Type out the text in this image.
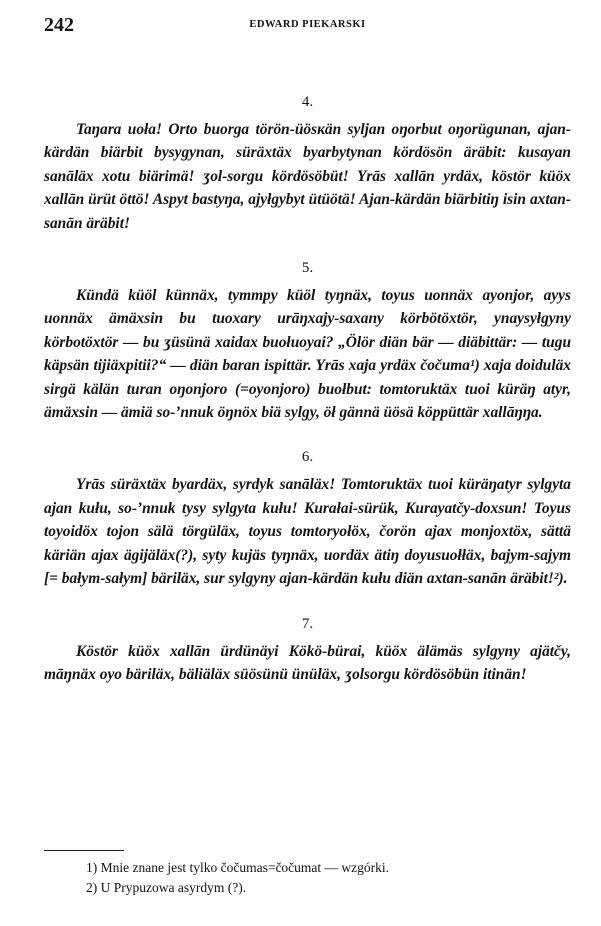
242	EDWARD PIEKARSKI
4.

Taŋara uoła! Orto buorga törön-üösкän syljan oŋorbut oŋorügunan, ajan-kärdän biärbit bysygynan, süräxtäx byarbytynan kördösön äräbit: kusayan sanāläx xotu biärimä! ʒol-sorgu kördösöbüt! Yrās xallān yrdäx, köstör küöx xallān ürüt öttö! Aspyt bastyŋa, ajyłgybyt ütüötä! Ajan-kärdän biärbitiŋ isin axtan-sanān äräbit!

5.

Kündä küöl künnäx, tymmpy küöl tyŋnäx, toyus uonnäx ayonjor, ayys uonnäx ämäxsin bu tuoxary urāŋxajy-saxany körbötöxtör, ynaysyłgyny körbotöxtör — bu ʒüsünä xaidax buołuoyai? „Ölör diän bär — diäbittär: — tugu käpsän tijiäxpitii?“ — diän baran ispittär. Yrās xaja yrdäx čočuma¹) xaja doiduläx sirgä kälän turan oŋonjoro (=oyonjoro) buołbut: tomtoruktäx tuoi küräŋ atyr, ämäxsin — ämiä so-’nnuk öŋnöx biä sylgy, öł gännä üösä köppüttär xallāŋŋa.

6.

Yrās süräxtäx byardäx, syrdyk sanāläx! Tomtoruktäx tuoi küräŋatyr sylgyta ajan kułu, so-’nnuk tysy sylgyta kułu! Kurałai-sürük, Kurayatčy-doxsun! Toyus toyoidöx tojon sälä törgüläx, toyus tomtoryołöx, čorön ajax monjoxtöx, sättä käriän ajax ägijäläx(?), syty kujäs tyŋnäx, uordäx ätiŋ doyusuołłäx, bajym-sajym [= bałym-sałym] bäriläx, sur sylgyny ajan-kärdän kułu diän axtan-sanān äräbit!²).

7.

Köstör küöx xallān ürdünäyi Kökö-bürai, küöx älämäs sylgyny ajätčy, māŋnäx oyo bäriläx, bäliäläx süösünü ünüläx, ʒolsorgu kördösöbün itinän!

1) Mnie znane jest tylko čočumas=čočumat — wzgórki.
2) U Prypuzowa asyrdym (?).
